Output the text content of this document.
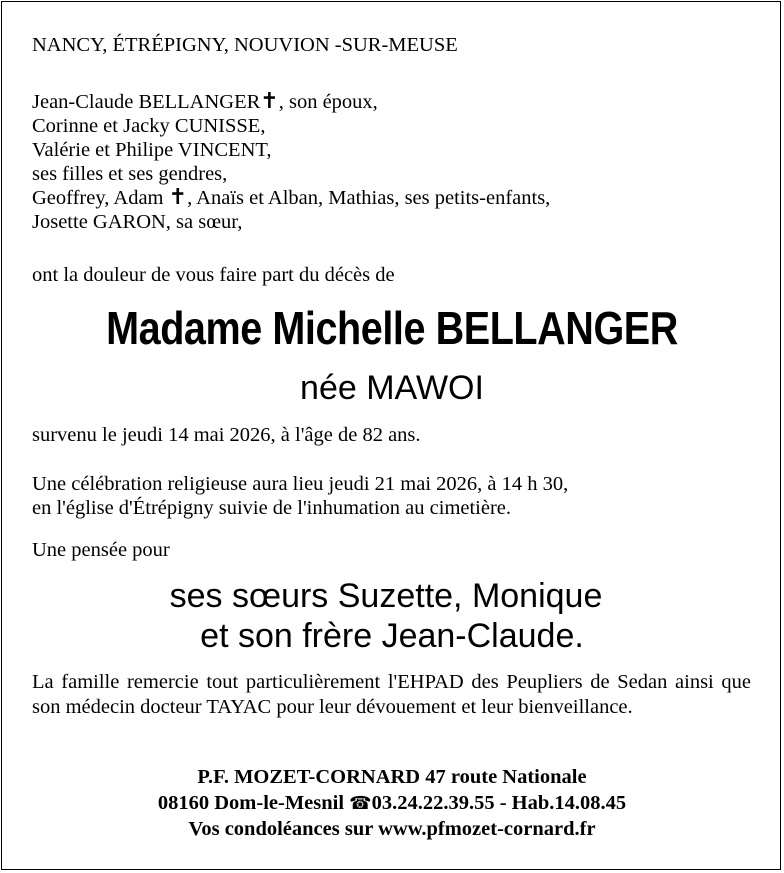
NANCY, ÉTRÉPIGNY, NOUVION -SUR-MEUSE
Jean-Claude BELLANGER✝, son époux,
Corinne et Jacky CUNISSE,
Valérie et Philipe VINCENT,
ses filles et ses gendres,
Geoffrey, Adam ✝, Anaïs et Alban, Mathias, ses petits-enfants,
Josette GARON, sa sœur,
ont la douleur de vous faire part du décès de
Madame Michelle BELLANGER
née MAWOI
survenu le jeudi 14 mai 2026, à l'âge de 82 ans.
Une célébration religieuse aura lieu jeudi 21 mai 2026, à 14 h 30,
en l'église d'Étrépigny suivie de l'inhumation au cimetière.
Une pensée pour
ses sœurs Suzette, Monique
et son frère Jean-Claude.
La famille remercie tout particulièrement l'EHPAD des Peupliers de Sedan ainsi que son médecin docteur TAYAC pour leur dévouement et leur bienveillance.
P.F. MOZET-CORNARD 47 route Nationale
08160 Dom-le-Mesnil ☎03.24.22.39.55 - Hab.14.08.45
Vos condoléances sur www.pfmozet-cornard.fr
